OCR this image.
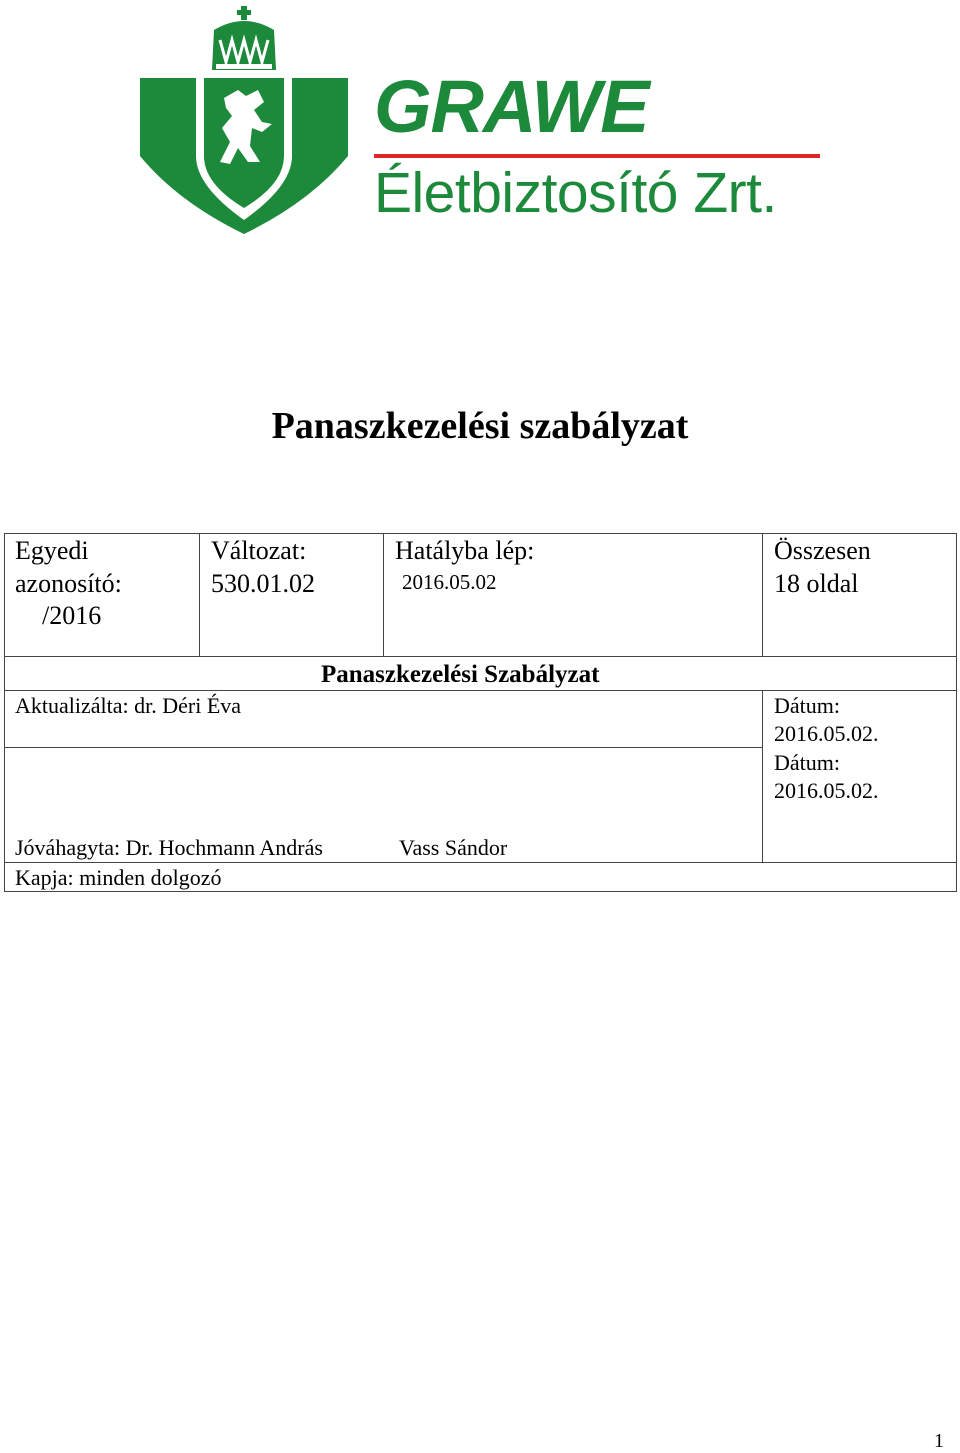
GRAWE
Életbiztosító Zrt.
Panaszkezelési szabályzat
Egyedi
azonosító:
/2016
Változat:
530.01.02
Hatályba lép:
2016.05.02
Összesen
18 oldal
Panaszkezelési Szabályzat
Aktualizálta: dr. Déri Éva	Dátum:
2016.05.02.
Dátum:
2016.05.02.
Jóváhagyta: Dr. Hochmann András	Vass Sándor
Kapja: minden dolgozó
1
